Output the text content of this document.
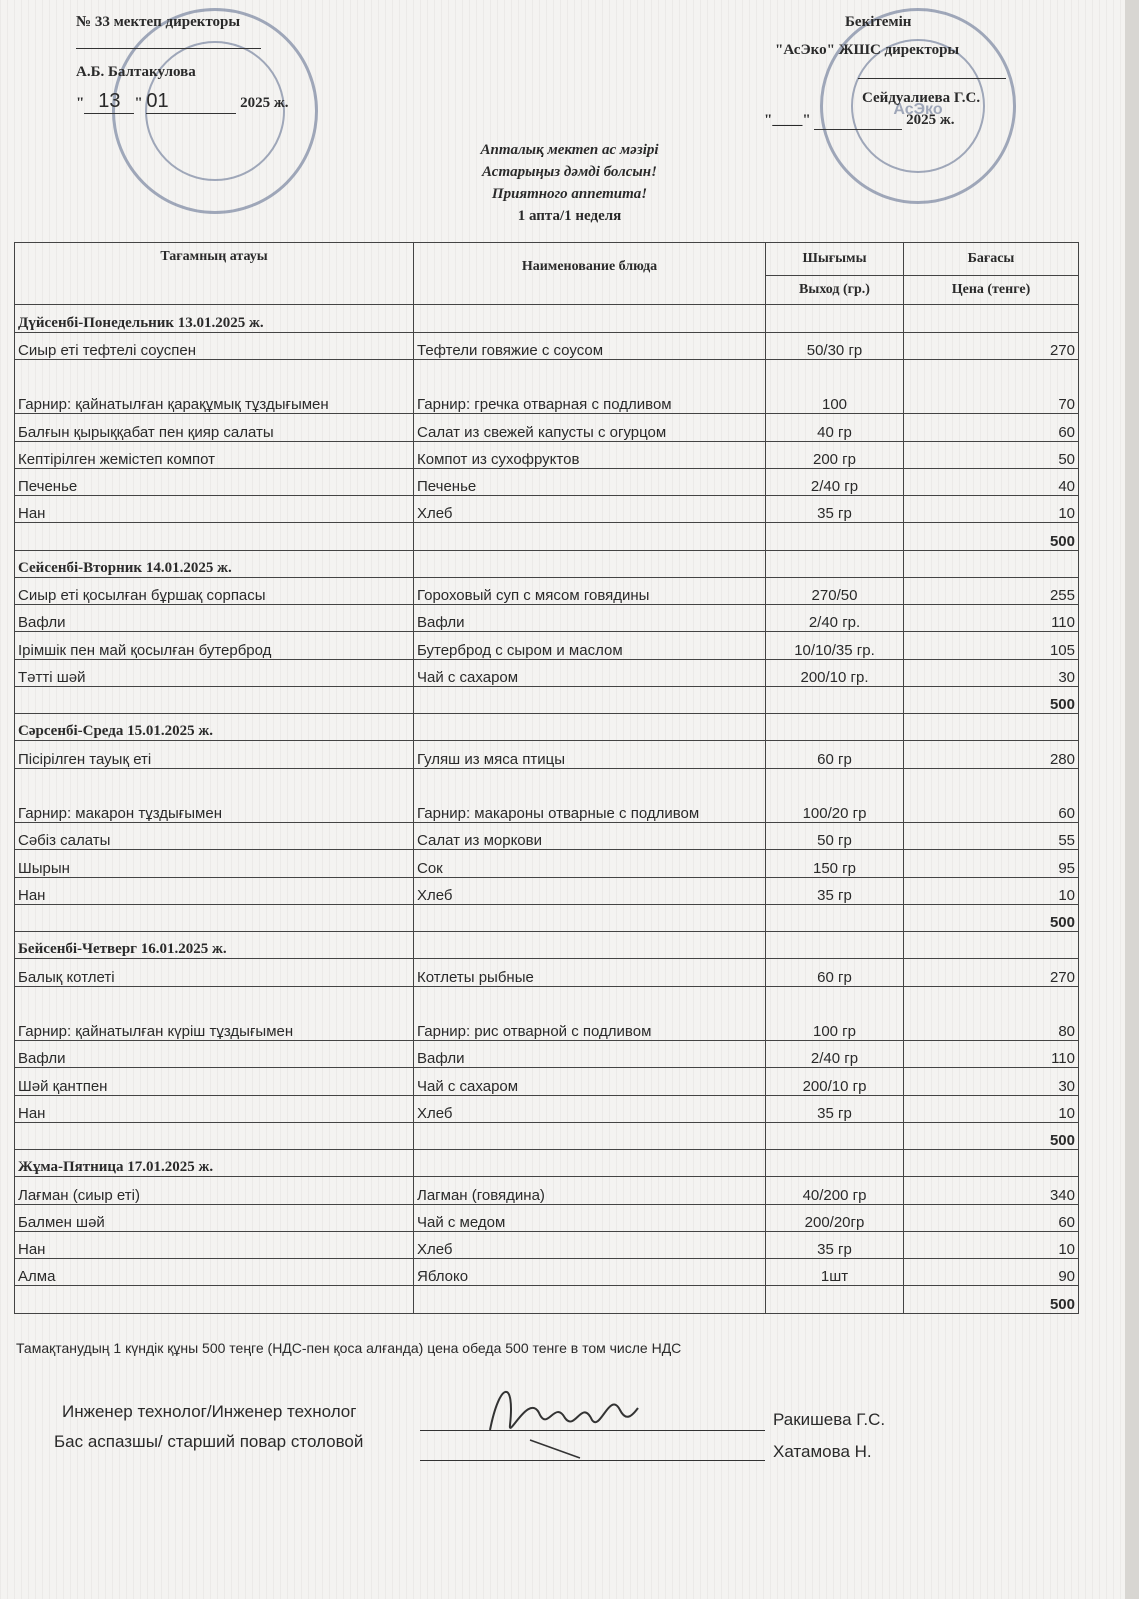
АсЭко
№ 33 мектеп директоры
А.Б. Балтакулова
" 13 " 01	2025 ж.
Бекітемін
"АсЭко" ЖШС директоры
Сейдуалиева Г.С.
"____"	2025 ж.
Апталық мектеп ас мәзірі
Астарыңыз дәмді болсын!
Приятного аппетита!
1 апта/1 неделя
Тағамның атауы	Наименование блюда	Шығымы	Бағасы
		Выход (гр.)	Цена (тенге)
Дүйсенбі-Понедельник 13.01.2025 ж.			
Сиыр еті тефтелі соуспен	Тефтели говяжие с соусом	50/30 гр	270
Гарнир: қайнатылған қарақұмық тұздығымен	Гарнир: гречка отварная с подливом	100	70
Балғын қырыққабат пен қияр салаты	Салат из свежей капусты с огурцом	40 гр	60
Кептірілген жемістеп компот	Компот из сухофруктов	200 гр	50
Печенье	Печенье	2/40 гр	40
Нан	Хлеб	35 гр	10
			500
Сейсенбі-Вторник 14.01.2025 ж.			
Сиыр еті қосылған бұршақ сорпасы	Гороховый суп с мясом говядины	270/50	255
Вафли	Вафли	2/40 гр.	110
Ірімшік пен май қосылған бутерброд	Бутерброд с сыром и маслом	10/10/35 гр.	105
Тәтті шәй	Чай с сахаром	200/10 гр.	30
			500
Сәрсенбі-Среда 15.01.2025 ж.			
Пісірілген тауық еті	Гуляш из мяса птицы	60 гр	280
Гарнир: макарон тұздығымен	Гарнир: макароны отварные с подливом	100/20 гр	60
Сәбіз салаты	Салат из моркови	50 гр	55
Шырын	Сок	150 гр	95
Нан	Хлеб	35 гр	10
			500
Бейсенбі-Четверг 16.01.2025 ж.			
Балық котлеті	Котлеты рыбные	60 гр	270
Гарнир: қайнатылған күріш тұздығымен	Гарнир: рис отварной с подливом	100 гр	80
Вафли	Вафли	2/40 гр	110
Шәй қантпен	Чай с сахаром	200/10 гр	30
Нан	Хлеб	35 гр	10
			500
Жұма-Пятница 17.01.2025 ж.			
Лағман (сиыр еті)	Лагман (говядина)	40/200 гр	340
Балмен шәй	Чай с медом	200/20гр	60
Нан	Хлеб	35 гр	10
Алма	Яблоко	1шт	90
			500
Тамақтанудың 1 күндік құны 500 теңге (НДС-пен қоса алғанда) цена обеда 500 тенге в том числе НДС
Инженер технолог/Инженер технолог	Ракишева Г.С.
Бас аспазшы/ старший повар столовой
Хатамова Н.
